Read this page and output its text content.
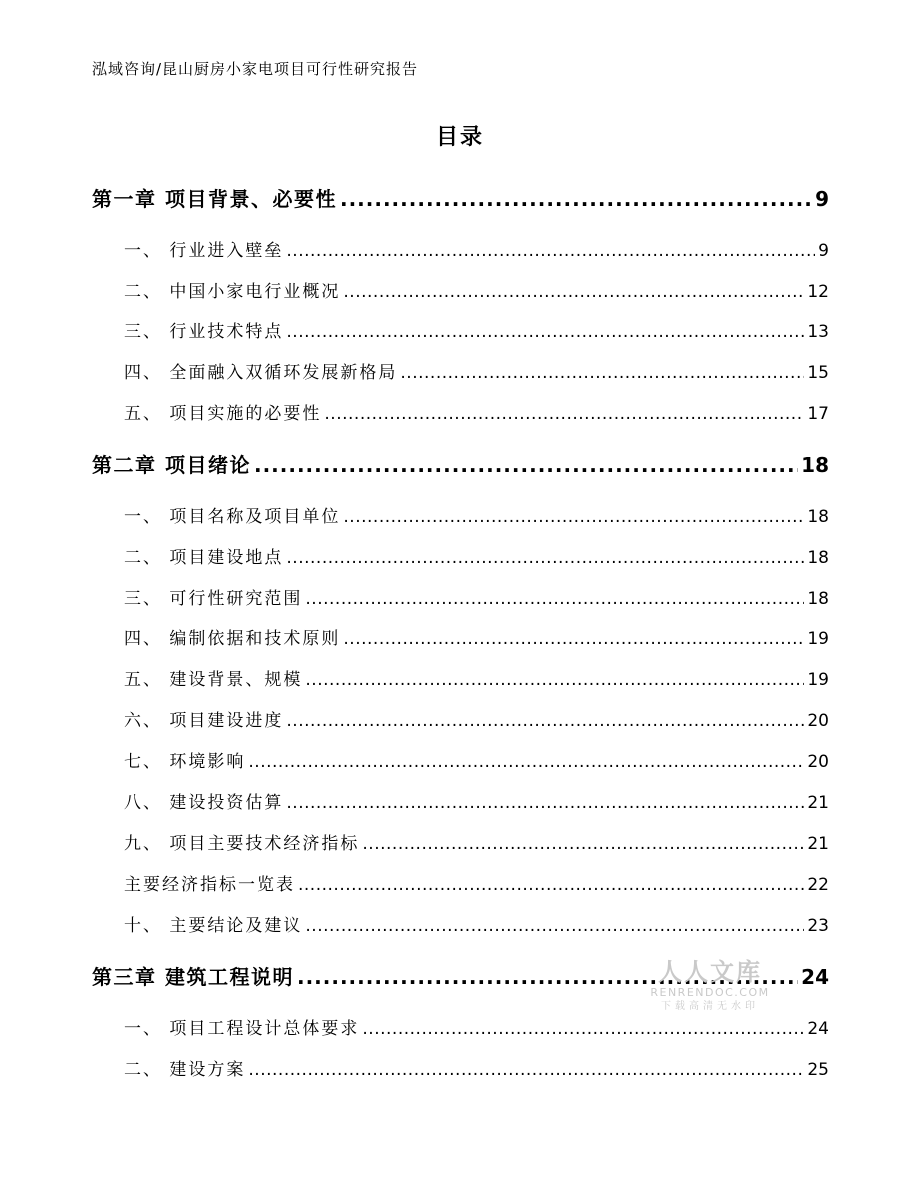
泓域咨询/昆山厨房小家电项目可行性研究报告
目录
第一章 项目背景、必要性 .....	9
一、 行业进入壁垒 .....	9
二、 中国小家电行业概况 .....	12
三、 行业技术特点 .....	13
四、 全面融入双循环发展新格局 .....	15
五、 项目实施的必要性 .....	17
第二章 项目绪论 .....	18
一、 项目名称及项目单位 .....	18
二、 项目建设地点 .....	18
三、 可行性研究范围 .....	18
四、 编制依据和技术原则 .....	19
五、 建设背景、规模 .....	19
六、 项目建设进度 .....	20
七、 环境影响 .....	20
八、 建设投资估算 .....	21
九、 项目主要技术经济指标 .....	21
主要经济指标一览表 .....	22
十、 主要结论及建议 .....	23
第三章 建筑工程说明 .....	24
一、 项目工程设计总体要求 .....	24
二、 建设方案 .....	25
人人文库
RENRENDOC.COM
下载高清无水印
